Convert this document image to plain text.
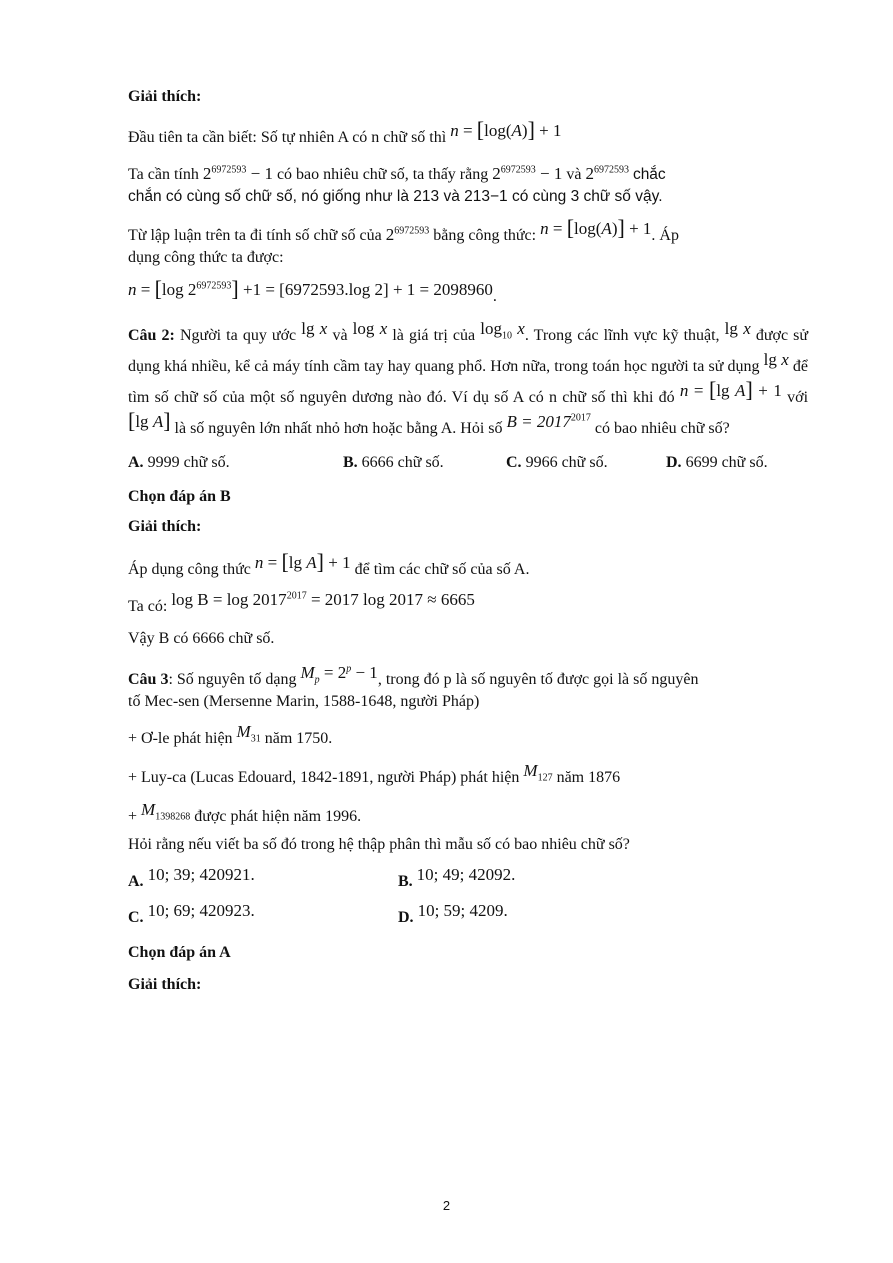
Giải thích:
Đầu tiên ta cần biết: Số tự nhiên A có n chữ số thì n = [log(A)] + 1
Ta cần tính $2^{6972593} - 1$ có bao nhiêu chữ số, ta thấy rằng $2^{6972593} - 1$ và $2^{6972593}$ chắc
chắn có cùng số chữ số, nó giống như là 213 và 213−1 có cùng 3 chữ số vậy.
Từ lập luận trên ta đi tính số chữ số của $2^{6972593}$ bằng công thức: n = [log(A)] + 1. Áp
dụng công thức ta được:
n = [log $2^{6972593}] +1 = [6972593.\log$ 2] + 1 = 2098960.
Câu 2: Người ta quy ước lg x và log x là giá trị của $\log_{10} x$. Trong các lĩnh vực kỹ thuật, lg x được sử dụng khá nhiều, kể cả máy tính cầm tay hay quang phổ. Hơn nữa, trong toán học người ta sử dụng lg x để tìm số chữ số của một số nguyên dương nào đó. Ví dụ số A có n chữ số thì khi đó n = [lg A] + 1 với [lg A] là số nguyên lớn nhất nhỏ hơn hoặc bằng A. Hỏi số $B = 2017^{2017}$ có bao nhiêu chữ số?
A. 9999 chữ số.	B. 6666 chữ số.	C. 9966 chữ số.	D. 6699 chữ số.
Chọn đáp án B
Giải thích:
Áp dụng công thức n = [lg A] + 1 để tìm các chữ số của số A.
Ta có: $\log B = \log 2017^{2017} = 2017$ log 2017 ≈ 6665
Vậy B có 6666 chữ số.
Câu 3: Số nguyên tố dạng $M_p = 2^p - 1$, trong đó p là số nguyên tố được gọi là số nguyên
tố Mec-sen (Mersenne Marin, 1588-1648, người Pháp)
+ Ơ-le phát hiện $M_{31}$ năm 1750.
+ Luy-ca (Lucas Edouard, 1842-1891, người Pháp) phát hiện $M_{127}$ năm 1876
+ $M_{1398268}$ được phát hiện năm 1996.
Hỏi rằng nếu viết ba số đó trong hệ thập phân thì mẫu số có bao nhiêu chữ số?
A. 10; 39; 420921.	B. 10; 49; 42092.
C. 10; 69; 420923.	D. 10; 59; 4209.
Chọn đáp án A
Giải thích:
2
